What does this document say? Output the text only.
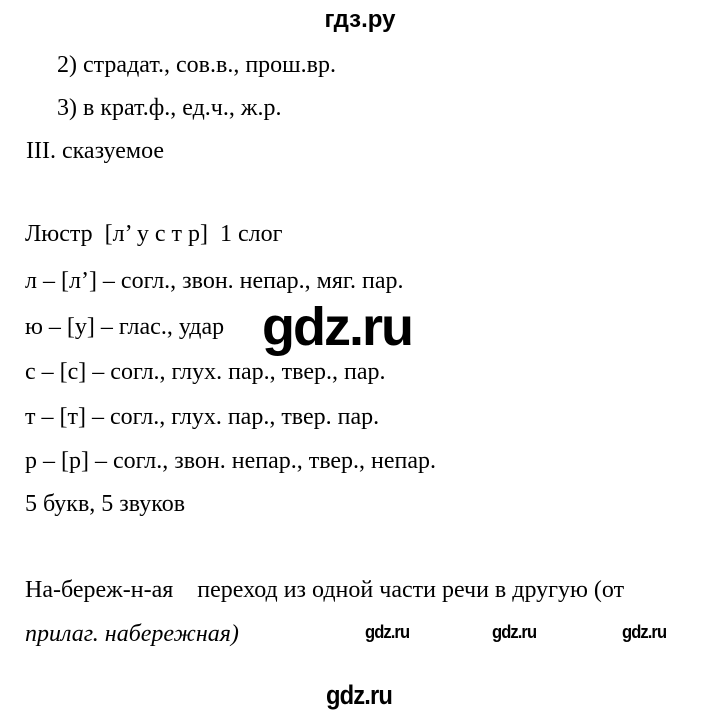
гдз.ру
2) страдат., сов.в., прош.вр.
3) в крат.ф., ед.ч., ж.р.
III. сказуемое
Люстр  [л’ у с т р]  1 слог
л – [л’] – согл., звон. непар., мяг. пар.
ю – [у] – глас., удар gdz.ru
с – [с] – согл., глух. пар., твер., пар.
т – [т] – согл., глух. пар., твер. пар.
р – [р] – согл., звон. непар., твер., непар.
5 букв, 5 звуков
На-береж-н-ая    переход из одной части речи в другую (от
прилаг. набережная)	gdz.ru	gdz.ru	gdz.ru
gdz.ru
